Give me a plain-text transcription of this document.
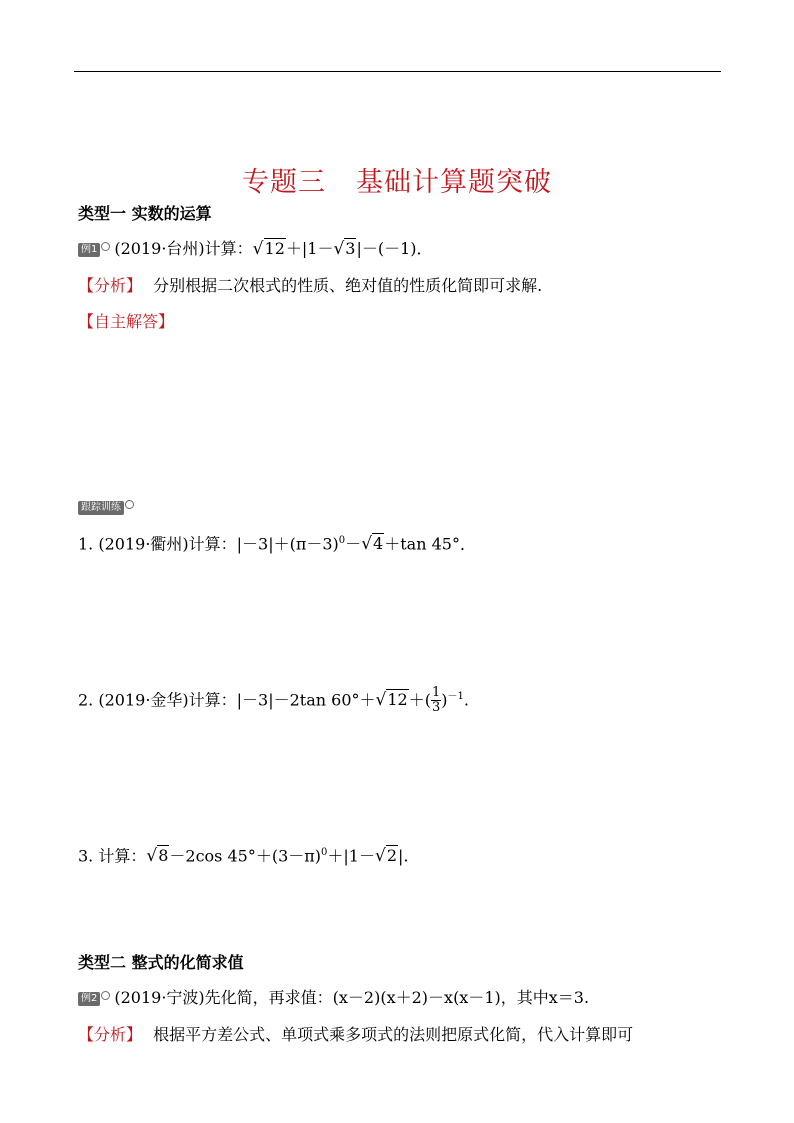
专题三 基础计算题突破
类型一 实数的运算
例1 (2019·台州)计算：√12＋|1－√3|－(－1)．
【分析】 分别根据二次根式的性质、绝对值的性质化简即可求解.
【自主解答】
跟踪训练
1. (2019·衢州)计算：$|-3|+(\pi-3)^0-√4+\tan$ 45°．
2. (2019·金华)计算：|－3|－2tan $60^\circ+√12+( \frac{1}{3} )^{-1}$.
3. 计算：√8－2cos $45^\circ+(3-\pi)^0+|1-√2|$.
类型二 整式的化简求值
例2 (2019·宁波)先化简，再求值：(x－2)(x＋2)－x(x－1)，其中x＝3.
【分析】 根据平方差公式、单项式乘多项式的法则把原式化简，代入计算即可
